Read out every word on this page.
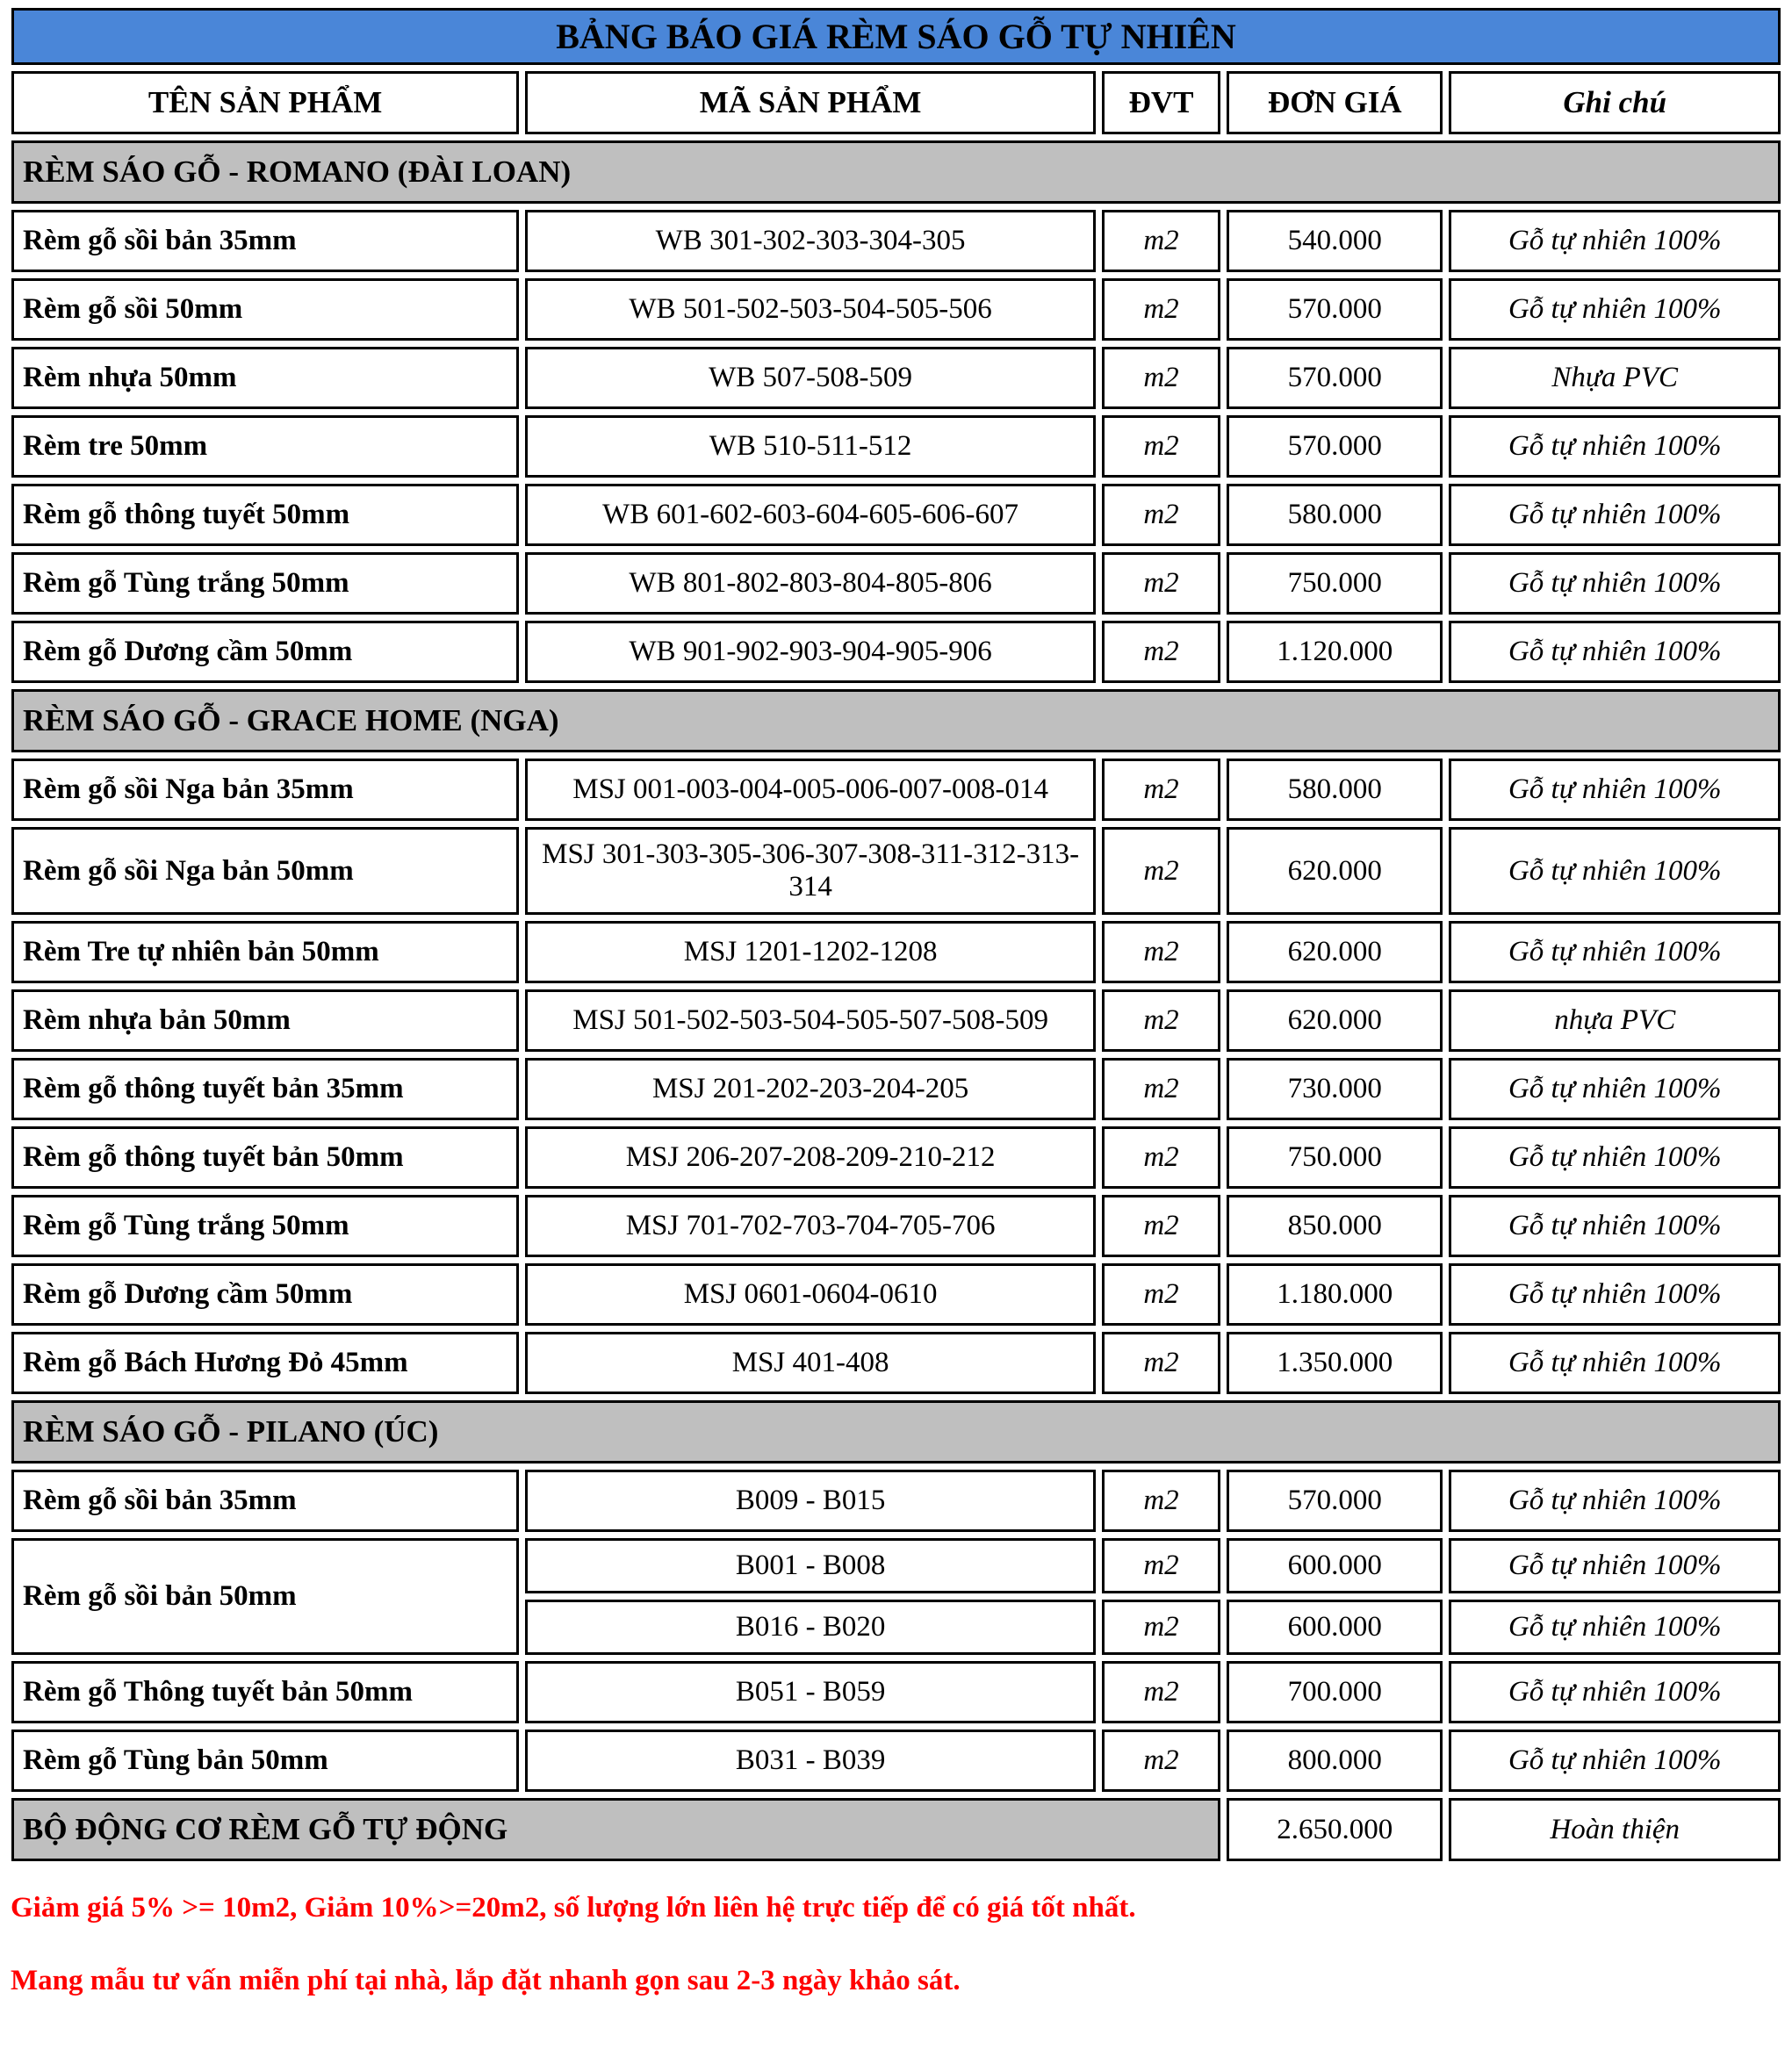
BẢNG BÁO GIÁ RÈM SÁO GỖ TỰ NHIÊN				
TÊN SẢN PHẨM	MÃ SẢN PHẨM	ĐVT	ĐƠN GIÁ	Ghi chú
RÈM SÁO GỖ - ROMANO (ĐÀI LOAN)				
Rèm gỗ sồi bản 35mm	WB 301-302-303-304-305	m2	540.000	Gỗ tự nhiên 100%
Rèm gỗ sồi 50mm	WB 501-502-503-504-505-506	m2	570.000	Gỗ tự nhiên 100%
Rèm nhựa 50mm	WB 507-508-509	m2	570.000	Nhựa PVC
Rèm tre 50mm	WB 510-511-512	m2	570.000	Gỗ tự nhiên 100%
Rèm gỗ thông tuyết 50mm	WB 601-602-603-604-605-606-607	m2	580.000	Gỗ tự nhiên 100%
Rèm gỗ Tùng trắng 50mm	WB 801-802-803-804-805-806	m2	750.000	Gỗ tự nhiên 100%
Rèm gỗ Dương cầm 50mm	WB 901-902-903-904-905-906	m2	1.120.000	Gỗ tự nhiên 100%
RÈM SÁO GỖ - GRACE HOME (NGA)				
Rèm gỗ sồi Nga bản 35mm	MSJ 001-003-004-005-006-007-008-014	m2	580.000	Gỗ tự nhiên 100%
Rèm gỗ sồi Nga bản 50mm	MSJ 301-303-305-306-307-308-311-312-313-314	m2	620.000	Gỗ tự nhiên 100%
Rèm Tre tự nhiên bản 50mm	MSJ 1201-1202-1208	m2	620.000	Gỗ tự nhiên 100%
Rèm nhựa bản 50mm	MSJ 501-502-503-504-505-507-508-509	m2	620.000	nhựa PVC
Rèm gỗ thông tuyết bản 35mm	MSJ 201-202-203-204-205	m2	730.000	Gỗ tự nhiên 100%
Rèm gỗ thông tuyết bản 50mm	MSJ 206-207-208-209-210-212	m2	750.000	Gỗ tự nhiên 100%
Rèm gỗ Tùng trắng 50mm	MSJ 701-702-703-704-705-706	m2	850.000	Gỗ tự nhiên 100%
Rèm gỗ Dương cầm 50mm	MSJ 0601-0604-0610	m2	1.180.000	Gỗ tự nhiên 100%
Rèm gỗ Bách Hương Đỏ 45mm	MSJ 401-408	m2	1.350.000	Gỗ tự nhiên 100%
RÈM SÁO GỖ - PILANO (ÚC)				
Rèm gỗ sồi bản 35mm	B009 - B015	m2	570.000	Gỗ tự nhiên 100%
Rèm gỗ sồi bản 50mm	B001 - B008	m2	600.000	Gỗ tự nhiên 100%
	B016 - B020	m2	600.000	Gỗ tự nhiên 100%
Rèm gỗ Thông tuyết bản 50mm	B051 - B059	m2	700.000	Gỗ tự nhiên 100%
Rèm gỗ Tùng bản 50mm	B031 - B039	m2	800.000	Gỗ tự nhiên 100%
BỘ ĐỘNG CƠ RÈM GỖ TỰ ĐỘNG			2.650.000	Hoàn thiện

Giảm giá 5% >= 10m2, Giảm 10%>=20m2, số lượng lớn liên hệ trực tiếp để có giá tốt nhất.

Mang mẫu tư vấn miễn phí tại nhà, lắp đặt nhanh gọn sau 2-3 ngày khảo sát.
